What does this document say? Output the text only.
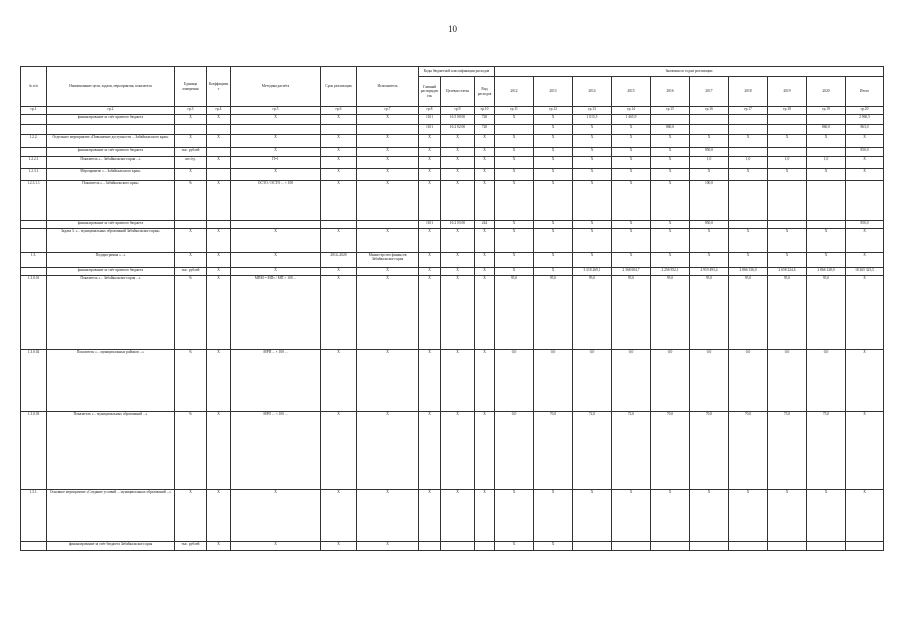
10
№ п/п	Наименование цели, задачи, мероприятия, показателя	Единица измерения	Коэффициент	Методика расчёта	Срок реализации	Исполнитель	Коды бюджетной классификации расходов			Значения по годам реализации									
							Главный распорядитель	Целевая статья	Вид расходов	2012	2013	2014	2015	2016	2017	2018	2019	2020	Итого
гр.1	гр.2	гр.3	гр.4	гр.5	гр.6	гр.7	гр.8	гр.9	гр.10	гр.11	гр.12	гр.13	гр.14	гр.15	гр.16	гр.17	гр.18	гр.19	гр.20
	финансирование за счёт краевого бюджета	X	X	X	X	X	1101	16 5 00 00	720	X	X	1 015,5	1 465,9						2 960,5
							1101	16 2 02 00	720		X	X	X	860,0				860,0	863,0
1.2.2.	Отдельное мероприятие «Повышение доступности ... Забайкальского края»	X	X	X	X	X	X	X	X	X	X	X	X	X	X	X	X	X	X
	финансирование за счёт краевого бюджета	тыс. рублей		X	X	X	X	X	X	X	X	X	X	X	850,0				850,0
1.2.2.1	Показатель «... Забайкальского края ...»	шт./ед.	X	П=1	X	X	X	X	X	X	X	X	X	X	1,0	1,0	1,0	1,0	X
1.2.3.1	Мероприятие «... Забайкальского края»	X		X	X	X	X	X	X	X	X	X	X	X	X	X	X	X	X
1.2.3.1.1	Показатель «... Забайкальского края»	%	X	ОСТО / ОСТО ... × 100	X	X	X	X	X	X	X	X	X	X	100,0				
	финансирование за счёт краевого бюджета						1101	16 2 03 00	244	X	X	X	X	X	850,0				850,0
	Задача 3. «... муниципальных образований Забайкальского края»	X	X	X	X	X	X	X	X	X	X	X	X	X	X	X	X	X	X
1.3.	Подпрограмма «...»	X	X	X	2014–2020	Министерство финансов Забайкальского края	X	X	X	X	X	X	X	X	X	X	X	X	X
	финансирование за счёт краевого бюджета	тыс. рублей	X	X	X	X	X	X	X	X	X	3 318 269,1	2 368 604,7	2 256 952,1	2 919 493,4	2 866 136,0	2 658 224,6	2 866 128,0	18 265 323,5
1.3.0.01	Показатель «... Забайкальского края ...»	%	X	МПМ = МПт / МП × 100 ...	X	X	X	X	X	95,0	95,0	95,0	95,0	95,0	95,0	95,0	95,0	95,0	X
1.3.0.02	Показатель «... муниципальных районов ...»	%	X	МРП ... × 100 ...	X	X	X	X	X	0,0	0,0	0,0	0,0	0,0	0,0	0,0	0,0	0,0	X
1.3.0.03	Показатель «... муниципальных образований ...»	%	X	МРО ... × 100 ...	X	X	X	X	X	0,0	70,0	72,0	72,0	70,0	70,0	70,0	75,0	75,0	X
1.3.1.	Основное мероприятие «Создание условий ... муниципальных образований ...»	X	X	X	X	X	X	X	X	X	X	X	X	X	X	X	X	X	X
	финансирование за счёт бюджета Забайкальского края	тыс. рублей	X	X	X	X				X	X								
